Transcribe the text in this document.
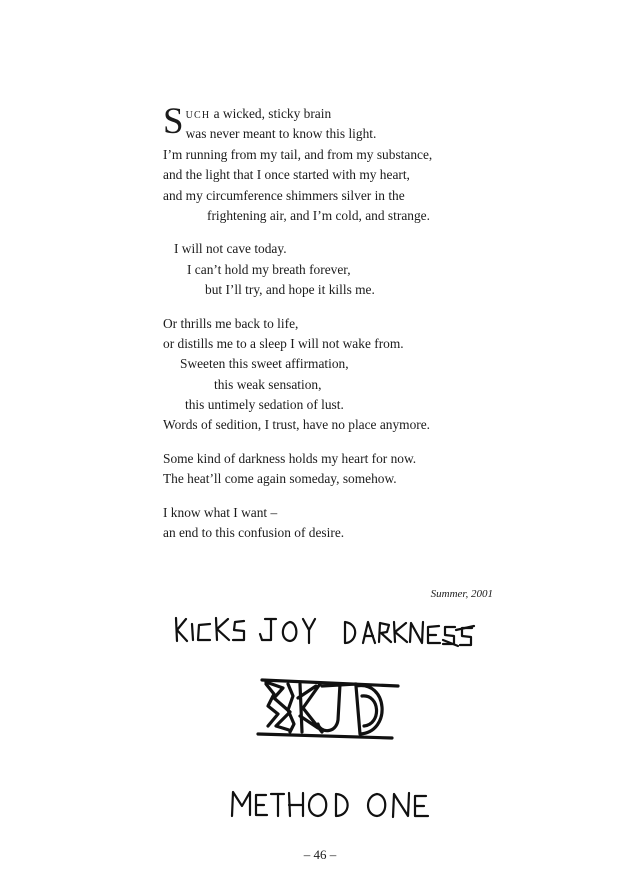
S UCH a wicked, sticky brain
was never meant to know this light.
I’m running from my tail, and from my substance,
and the light that I once started with my heart,
and my circumference shimmers silver in the
frightening air, and I’m cold, and strange.
I will not cave today.
I can’t hold my breath forever,
but I’ll try, and hope it kills me.
Or thrills me back to life,
or distills me to a sleep I will not wake from.
Sweeten this sweet affirmation,
this weak sensation,
this untimely sedation of lust.
Words of sedition, I trust, have no place anymore.
Some kind of darkness holds my heart for now.
The heat’ll come again someday, somehow.
I know what I want –
an end to this confusion of desire.
Summer, 2001
– 46 –
